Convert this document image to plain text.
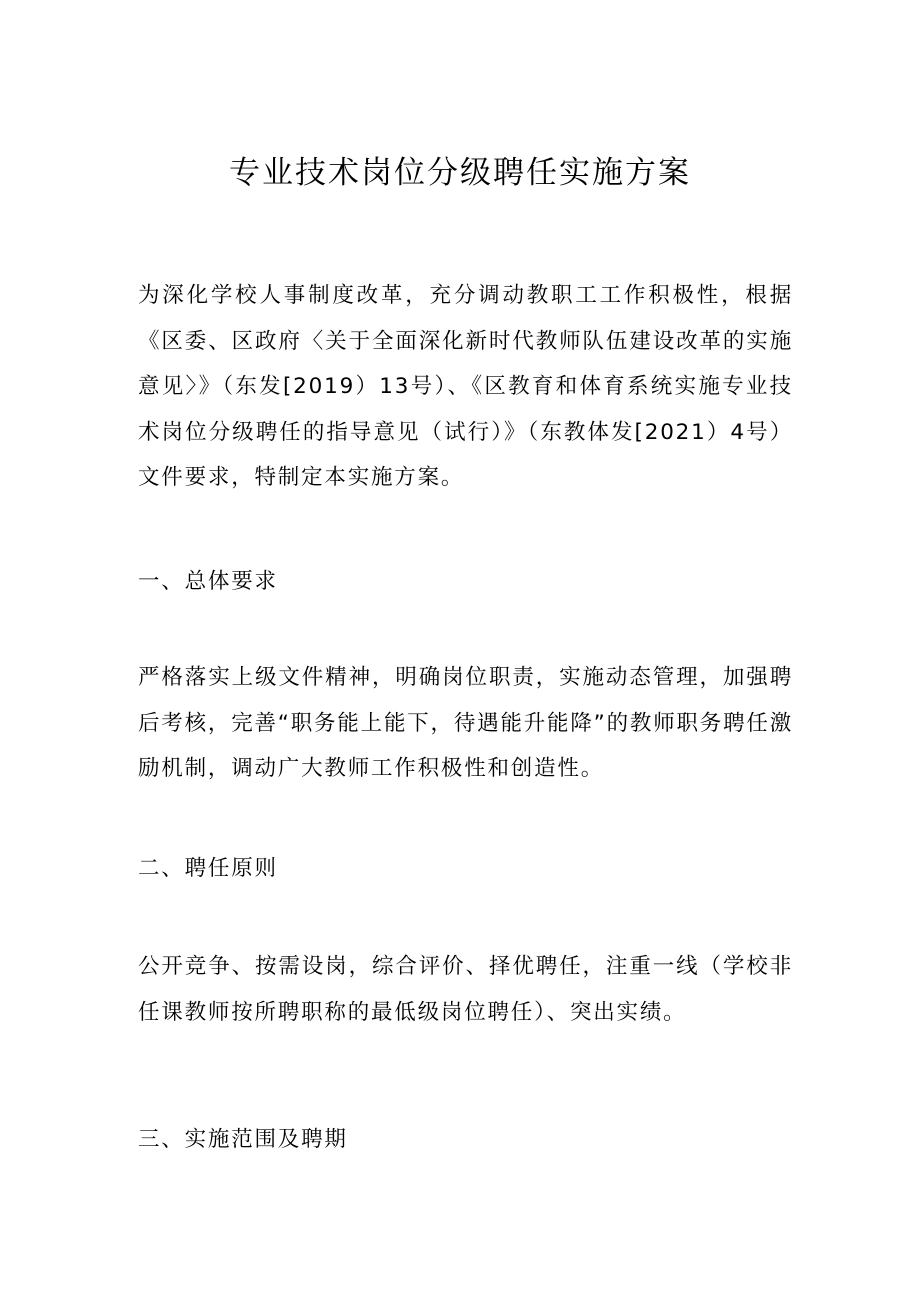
专业技术岗位分级聘任实施方案

为深化学校人事制度改革，充分调动教职工工作积极性，根据《区委、区政府〈关于全面深化新时代教师队伍建设改革的实施意见〉》（东发[2019）13号）、《区教育和体育系统实施专业技术岗位分级聘任的指导意见（试行）》（东教体发[2021）4号）文件要求，特制定本实施方案。

一、总体要求

严格落实上级文件精神，明确岗位职责，实施动态管理，加强聘后考核，完善“职务能上能下，待遇能升能降”的教师职务聘任激励机制，调动广大教师工作积极性和创造性。

二、聘任原则

公开竞争、按需设岗，综合评价、择优聘任，注重一线（学校非任课教师按所聘职称的最低级岗位聘任）、突出实绩。

三、实施范围及聘期
